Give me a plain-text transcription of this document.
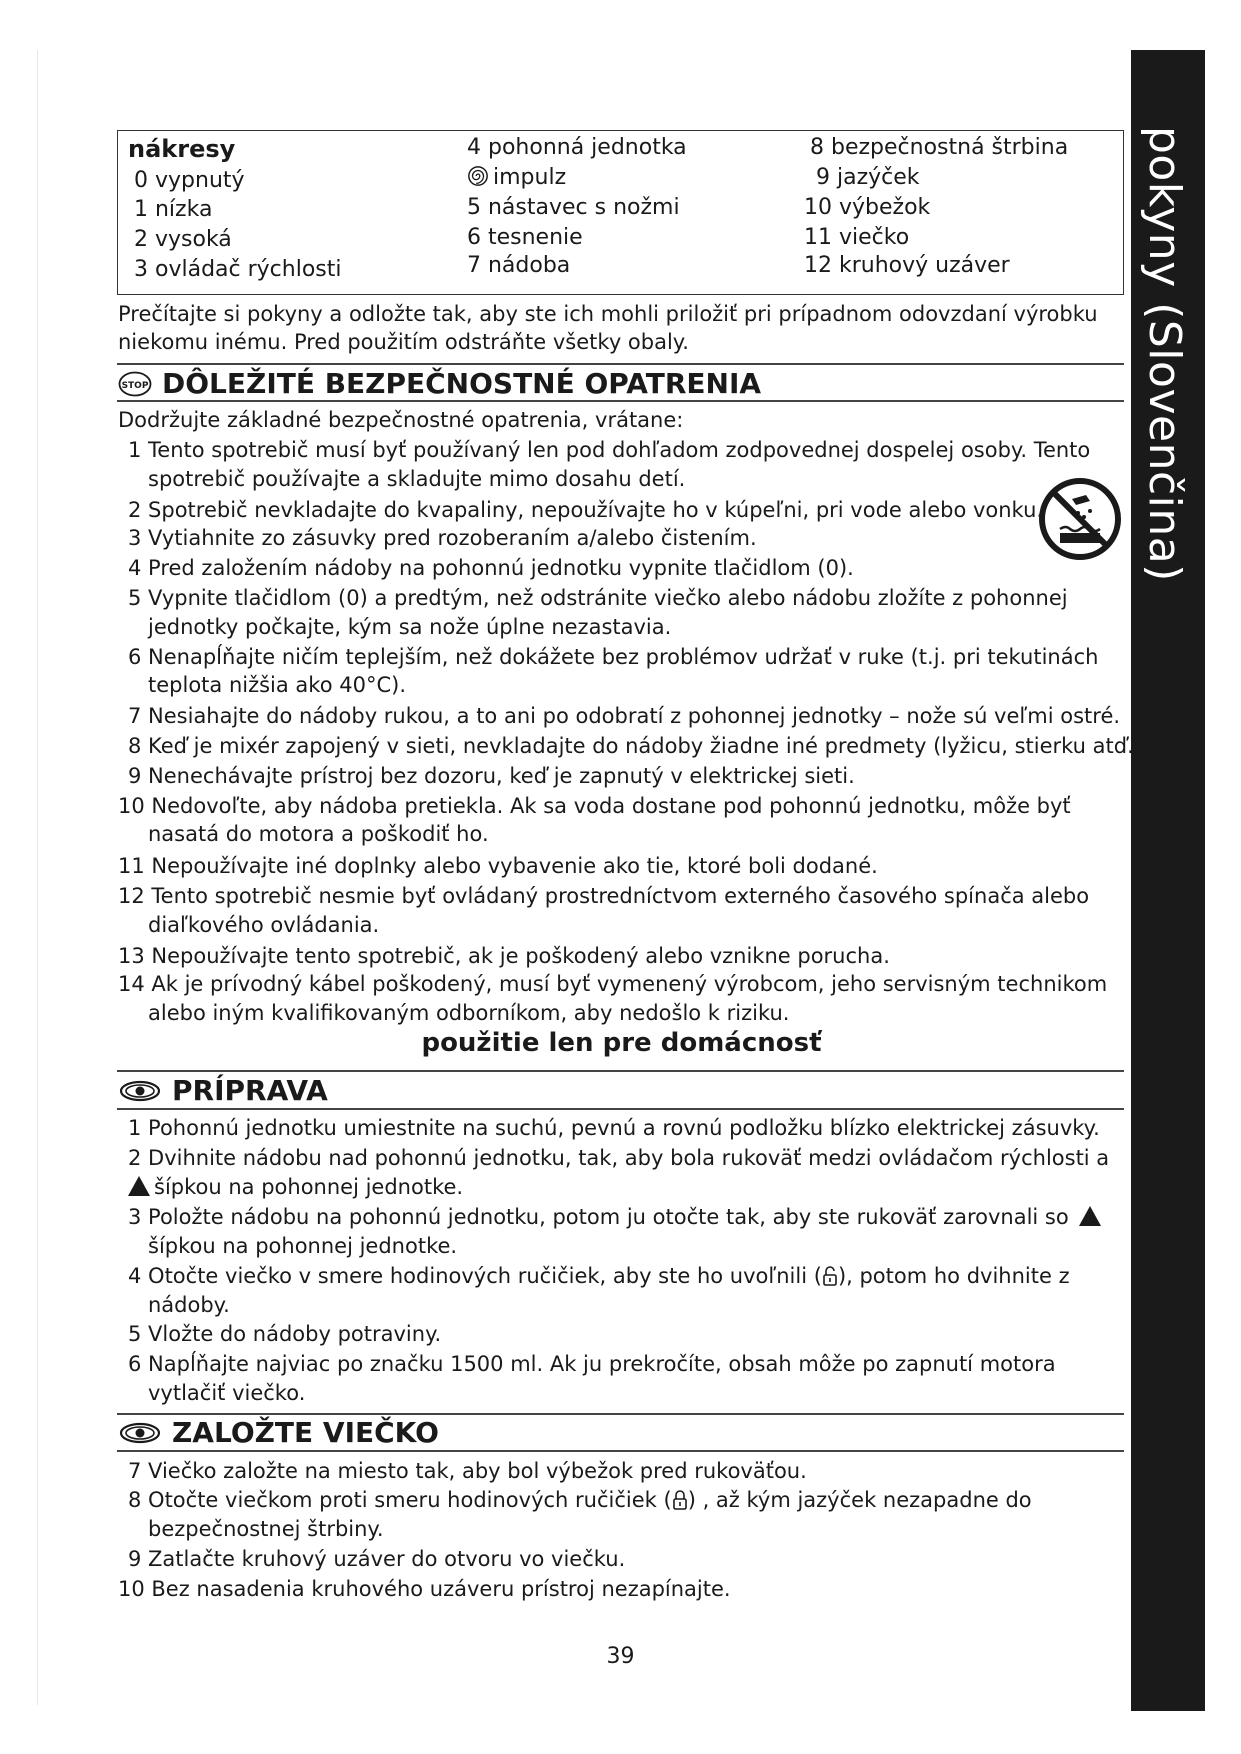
pokyny (Slovenčina)
nákresy
0 vypnutý
1 nízka
2 vysoká
3 ovládač rýchlosti
4 pohonná jednotka
impulz
5 nástavec s nožmi
6 tesnenie
7 nádoba
8 bezpečnostná štrbina
9 jazýček
10 výbežok
11 viečko
12 kruhový uzáver
Prečítajte si pokyny a odložte tak, aby ste ich mohli priložiť pri prípadnom odovzdaní výrobku niekomu inému. Pred použitím odstráňte všetky obaly.
STOP DÔLEŽITÉ BEZPEČNOSTNÉ OPATRENIA
Dodržujte základné bezpečnostné opatrenia, vrátane:
1 Tento spotrebič musí byť používaný len pod dohľadom zodpovednej dospelej osoby. Tento
spotrebič používajte a skladujte mimo dosahu detí.
2 Spotrebič nevkladajte do kvapaliny, nepoužívajte ho v kúpeľni, pri vode alebo vonku.
3 Vytiahnite zo zásuvky pred rozoberaním a/alebo čistením.
4 Pred založením nádoby na pohonnú jednotku vypnite tlačidlom (0).
5 Vypnite tlačidlom (0) a predtým, než odstránite viečko alebo nádobu zložíte z pohonnej
jednotky počkajte, kým sa nože úplne nezastavia.
6 Nenapĺňajte ničím teplejším, než dokážete bez problémov udržať v ruke (t.j. pri tekutinách
teplota nižšia ako 40°C).
7 Nesiahajte do nádoby rukou, a to ani po odobratí z pohonnej jednotky – nože sú veľmi ostré.
8 Keď je mixér zapojený v sieti, nevkladajte do nádoby žiadne iné predmety (lyžicu, stierku atď.)
9 Nenechávajte prístroj bez dozoru, keď je zapnutý v elektrickej sieti.
10 Nedovoľte, aby nádoba pretiekla. Ak sa voda dostane pod pohonnú jednotku, môže byť
nasatá do motora a poškodiť ho.
11 Nepoužívajte iné doplnky alebo vybavenie ako tie, ktoré boli dodané.
12 Tento spotrebič nesmie byť ovládaný prostredníctvom externého časového spínača alebo
diaľkového ovládania.
13 Nepoužívajte tento spotrebič, ak je poškodený alebo vznikne porucha.
14 Ak je prívodný kábel poškodený, musí byť vymenený výrobcom, jeho servisným technikom
alebo iným kvalifikovaným odborníkom, aby nedošlo k riziku.
použitie len pre domácnosť
PRÍPRAVA
1 Pohonnú jednotku umiestnite na suchú, pevnú a rovnú podložku blízko elektrickej zásuvky.
2 Dvihnite nádobu nad pohonnú jednotku, tak, aby bola rukoväť medzi ovládačom rýchlosti a
šípkou na pohonnej jednotke.
3 Položte nádobu na pohonnú jednotku, potom ju otočte tak, aby ste rukoväť zarovnali so
šípkou na pohonnej jednotke.
4 Otočte viečko v smere hodinových ručičiek, aby ste ho uvoľnili ( ), potom ho dvihnite z
nádoby.
5 Vložte do nádoby potraviny.
6 Napĺňajte najviac po značku 1500 ml. Ak ju prekročíte, obsah môže po zapnutí motora
vytlačiť viečko.
ZALOŽTE VIEČKO
7 Viečko založte na miesto tak, aby bol výbežok pred rukoväťou.
8 Otočte viečkom proti smeru hodinových ručičiek ( ) , až kým jazýček nezapadne do
bezpečnostnej štrbiny.
9 Zatlačte kruhový uzáver do otvoru vo viečku.
10 Bez nasadenia kruhového uzáveru prístroj nezapínajte.
39
